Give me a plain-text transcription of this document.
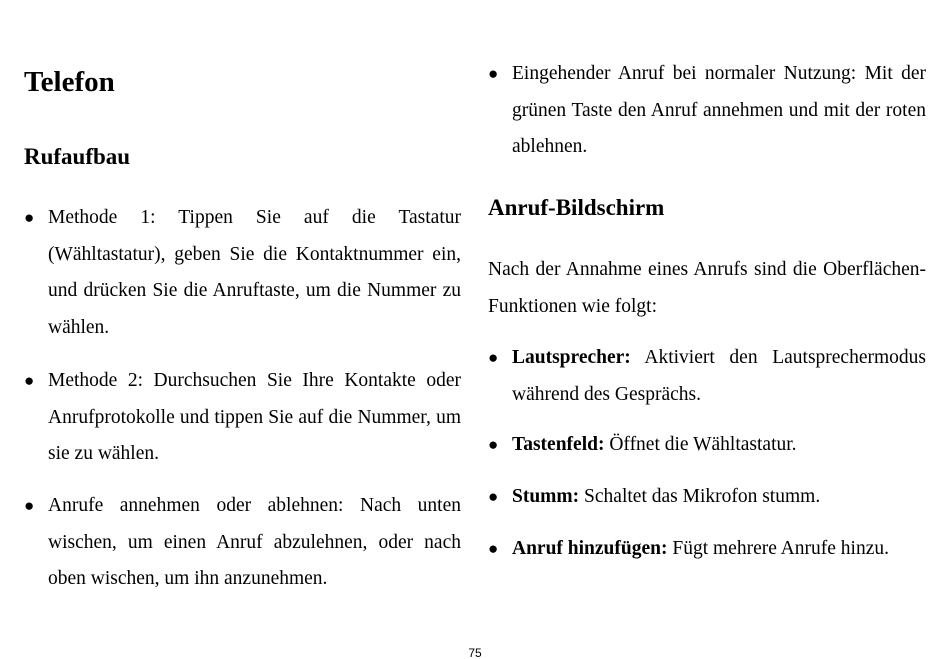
Telefon
Rufaufbau
● Methode 1: Tippen Sie auf die Tastatur (Wähltastatur), geben Sie die Kontaktnummer ein, und drücken Sie die Anruftaste, um die Nummer zu wählen.
● Methode 2: Durchsuchen Sie Ihre Kontakte oder Anrufprotokolle und tippen Sie auf die Nummer, um sie zu wählen.
● Anrufe annehmen oder ablehnen: Nach unten wischen, um einen Anruf abzulehnen, oder nach oben wischen, um ihn anzunehmen.
● Eingehender Anruf bei normaler Nutzung: Mit der grünen Taste den Anruf annehmen und mit der roten ablehnen.
Anruf-Bildschirm
Nach der Annahme eines Anrufs sind die Oberflächen-Funktionen wie folgt:
● Lautsprecher: Aktiviert den Lautsprechermodus während des Gesprächs.
● Tastenfeld: Öffnet die Wähltastatur.
● Stumm: Schaltet das Mikrofon stumm.
● Anruf hinzufügen: Fügt mehrere Anrufe hinzu.
75
